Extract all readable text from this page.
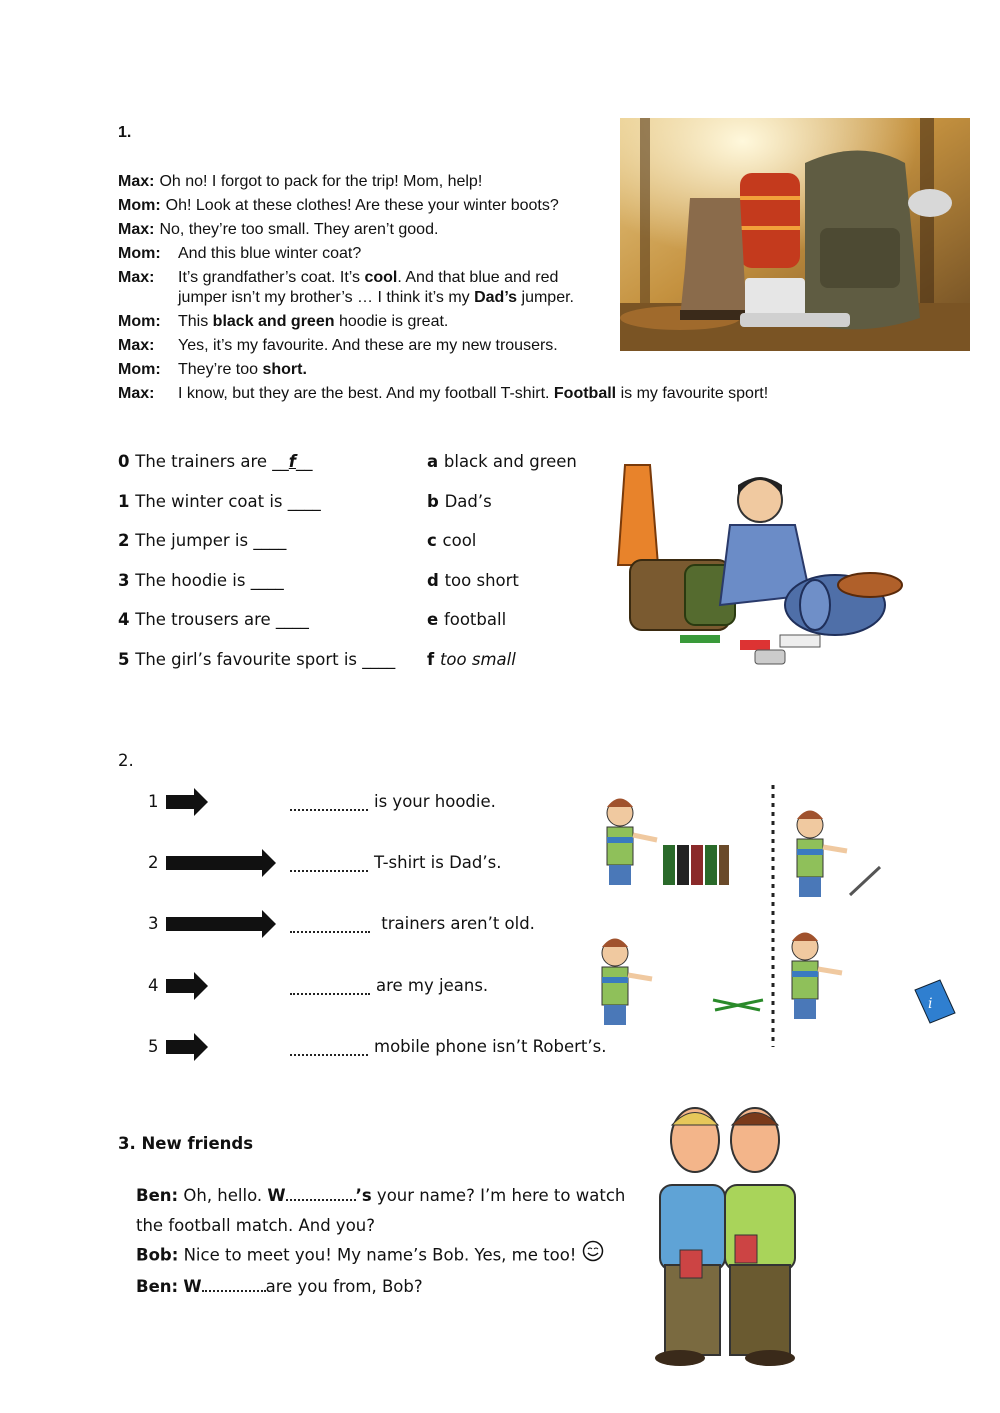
1.
Max: Oh no! I forgot to pack for the trip! Mom, help!
Mom: Oh! Look at these clothes! Are these your winter boots?
Max: No, they’re too small. They aren’t good.
Mom: And this blue winter coat?
Max: It’s grandfather’s coat. It’s cool. And that blue and red
jumper isn’t my brother’s … I think it’s my Dad’s jumper.
Mom: This black and green hoodie is great.
Max: Yes, it’s my favourite. And these are my new trousers.
Mom: They’re too short.
Max: I know, but they are the best. And my football T-shirt. Football is my favourite sport!
0 The trainers are __f__
1 The winter coat is ____
2 The jumper is ____
3 The hoodie is ____
4 The trousers are ____
5 The girl’s favourite sport is ____
a black and green
b Dad’s
c cool
d too short
e football
f too small
2.
1	is your hoodie.
2	T-shirt is Dad’s.
3	trainers aren’t old.
4	are my jeans.
5	mobile phone isn’t Robert’s.
i
3. New friends
Ben: Oh, hello. W	’s your name? I’m here to watch
the football match. And you?
Bob: Nice to meet you! My name’s Bob. Yes, me too!
Ben: W	are you from, Bob?
